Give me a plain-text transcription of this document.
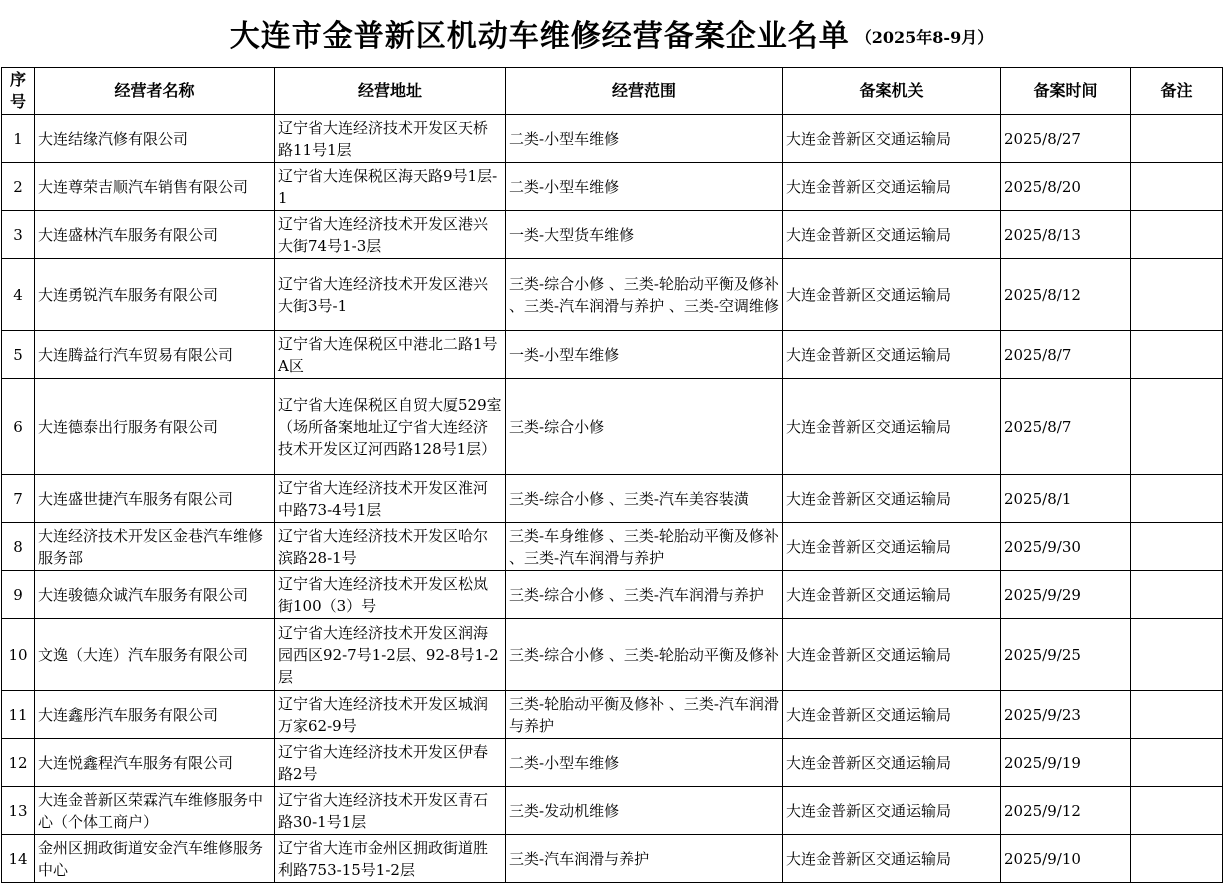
大连市金普新区机动车维修经营备案企业名单 （2025年8-9月）
序号	经营者名称	经营地址	经营范围	备案机关	备案时间	备注
1	大连结缘汽修有限公司	辽宁省大连经济技术开发区天桥路11号1层	二类-小型车维修	大连金普新区交通运输局	2025/8/27	
2	大连尊荣吉顺汽车销售有限公司	辽宁省大连保税区海天路9号1层-1	二类-小型车维修	大连金普新区交通运输局	2025/8/20	
3	大连盛林汽车服务有限公司	辽宁省大连经济技术开发区港兴大街74号1-3层	一类-大型货车维修	大连金普新区交通运输局	2025/8/13	
4	大连勇锐汽车服务有限公司	辽宁省大连经济技术开发区港兴大街3号-1	三类-综合小修 、三类-轮胎动平衡及修补 、三类-汽车润滑与养护 、三类-空调维修	大连金普新区交通运输局	2025/8/12	
5	大连腾益行汽车贸易有限公司	辽宁省大连保税区中港北二路1号A区	一类-小型车维修	大连金普新区交通运输局	2025/8/7	
6	大连德泰出行服务有限公司	辽宁省大连保税区自贸大厦529室（场所备案地址辽宁省大连经济技术开发区辽河西路128号1层）	三类-综合小修	大连金普新区交通运输局	2025/8/7	
7	大连盛世捷汽车服务有限公司	辽宁省大连经济技术开发区淮河中路73-4号1层	三类-综合小修 、三类-汽车美容装潢	大连金普新区交通运输局	2025/8/1	
8	大连经济技术开发区金巷汽车维修服务部	辽宁省大连经济技术开发区哈尔滨路28-1号	三类-车身维修 、三类-轮胎动平衡及修补 、三类-汽车润滑与养护	大连金普新区交通运输局	2025/9/30	
9	大连骏德众诚汽车服务有限公司	辽宁省大连经济技术开发区松岚街100（3）号	三类-综合小修 、三类-汽车润滑与养护	大连金普新区交通运输局	2025/9/29	
10	文逸（大连）汽车服务有限公司	辽宁省大连经济技术开发区润海园西区92-7号1-2层、92-8号1-2层	三类-综合小修 、三类-轮胎动平衡及修补	大连金普新区交通运输局	2025/9/25	
11	大连鑫彤汽车服务有限公司	辽宁省大连经济技术开发区城润万家62-9号	三类-轮胎动平衡及修补 、三类-汽车润滑与养护	大连金普新区交通运输局	2025/9/23	
12	大连悦鑫程汽车服务有限公司	辽宁省大连经济技术开发区伊春路2号	二类-小型车维修	大连金普新区交通运输局	2025/9/19	
13	大连金普新区荣霖汽车维修服务中心（个体工商户）	辽宁省大连经济技术开发区青石路30-1号1层	三类-发动机维修	大连金普新区交通运输局	2025/9/12	
14	金州区拥政街道安金汽车维修服务中心	辽宁省大连市金州区拥政街道胜利路753-15号1-2层	三类-汽车润滑与养护	大连金普新区交通运输局	2025/9/10	
